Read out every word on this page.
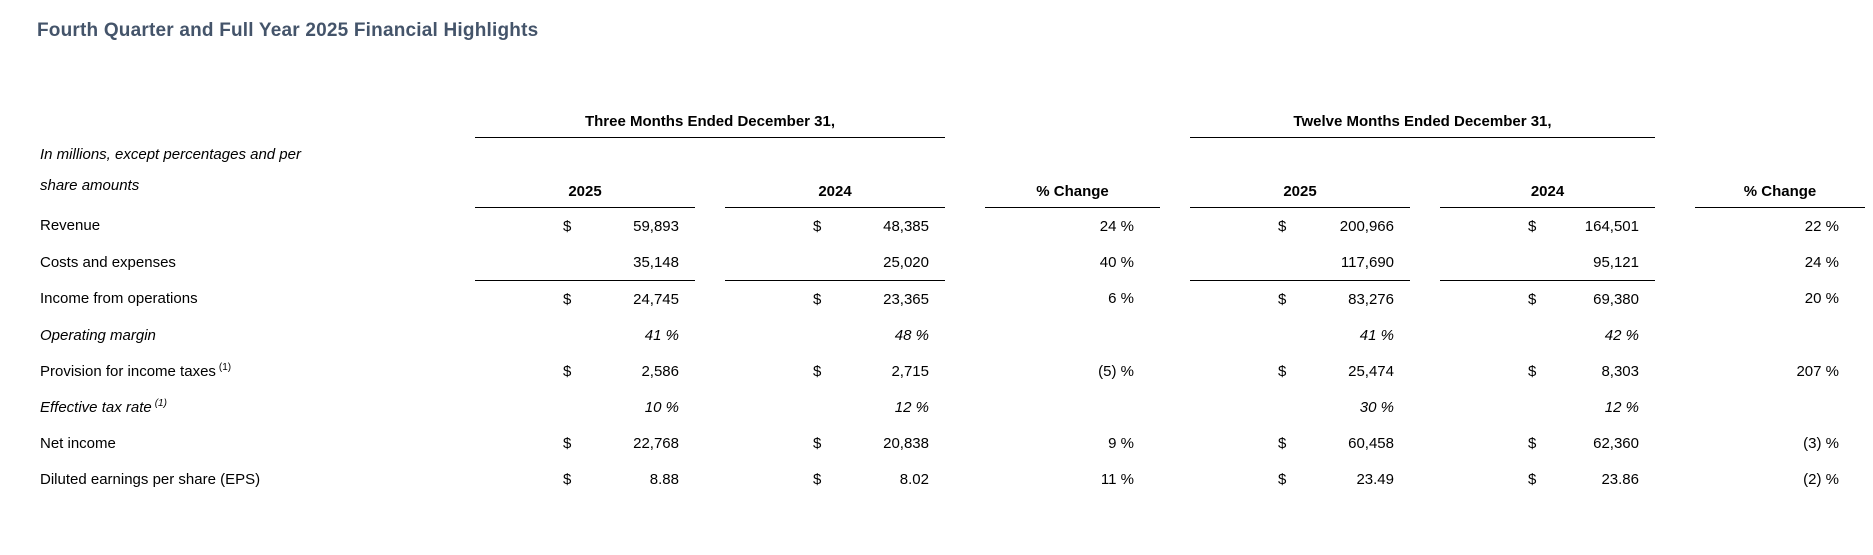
Fourth Quarter and Full Year 2025 Financial Highlights
In millions, except percentages and per
share amounts	Three Months Ended December 31,								Twelve Months Ended December 31,						
	2025			2024			% Change		2025			2024			% Change
Revenue	$	59,893		$	48,385		24 %		$	200,966		$	164,501		22 %
Costs and expenses		35,148			25,020		40 %			117,690			95,121		24 %
Income from operations	$	24,745		$	23,365		6 %		$	83,276		$	69,380		20 %
Operating margin		41 %			48 %					41 %			42 %		
Provision for income taxes $^{(1)}$	$	2,586		$	2,715		(5) %		$	25,474		$	8,303		207 %
Effective tax rate $^{(1)}$		10 %			12 %					30 %			12 %		
Net income	$	22,768		$	20,838		9 %		$	60,458		$	62,360		(3) %
Diluted earnings per share (EPS)	$	8.88		$	8.02		11 %		$	23.49		$	23.86		(2) %
